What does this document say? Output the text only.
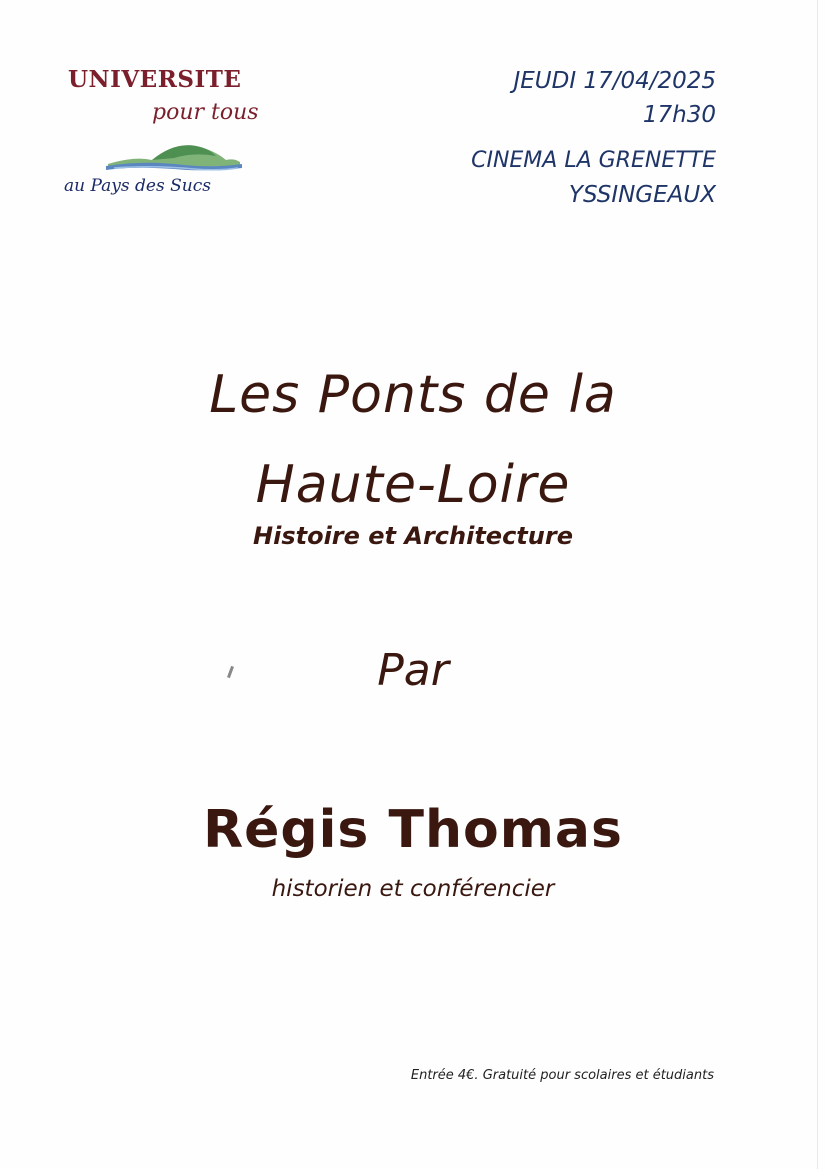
UNIVERSITE
pour tous
au Pays des Sucs
JEUDI 17/04/2025
17h30
CINEMA LA GRENETTE
YSSINGEAUX
Les Ponts de la
Haute-Loire
Histoire et Architecture
Par
Régis Thomas
historien et conférencier
Entrée 4€. Gratuité pour scolaires et étudiants
